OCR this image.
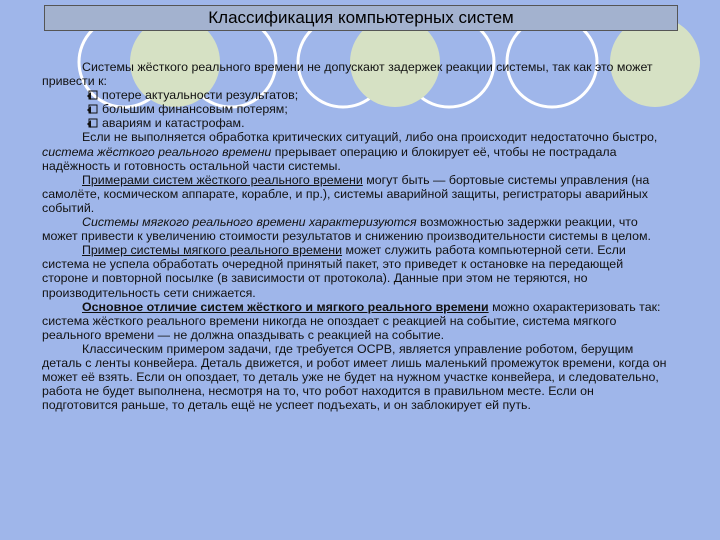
Классификация компьютерных систем

Системы жёсткого реального времени не допускают задержек реакции системы, так как это может привести к:

потере актуальности результатов;
большим финансовым потерям;
авариям и катастрофам.

Если не выполняется обработка критических ситуаций, либо она происходит недостаточно быстро, система жёсткого реального времени прерывает операцию и блокирует её, чтобы не пострадала надёжность и готовность остальной части системы.

Примерами систем жёсткого реального времени могут быть — бортовые системы управления (на самолёте, космическом аппарате, корабле, и пр.), системы аварийной защиты, регистраторы аварийных событий.

Системы мягкого реального времени характеризуются возможностью задержки реакции, что может привести к увеличению стоимости результатов и снижению производительности системы в целом.

Пример системы мягкого реального времени может служить работа компьютерной сети. Если система не успела обработать очередной принятый пакет, это приведет к остановке на передающей стороне и повторной посылке (в зависимости от протокола). Данные при этом не теряются, но производительность сети снижается.

Основное отличие систем жёсткого и мягкого реального времени можно охарактеризовать так: система жёсткого реального времени никогда не опоздает с реакцией на событие, система мягкого реального времени — не должна опаздывать с реакцией на событие.

Классическим примером задачи, где требуется ОСРВ, является управление роботом, берущим деталь с ленты конвейера. Деталь движется, и робот имеет лишь маленький промежуток времени, когда он может её взять. Если он опоздает, то деталь уже не будет на нужном участке конвейера, и следовательно, работа не будет выполнена, несмотря на то, что робот находится в правильном месте. Если он подготовится раньше, то деталь ещё не успеет подъехать, и он заблокирует ей путь.
